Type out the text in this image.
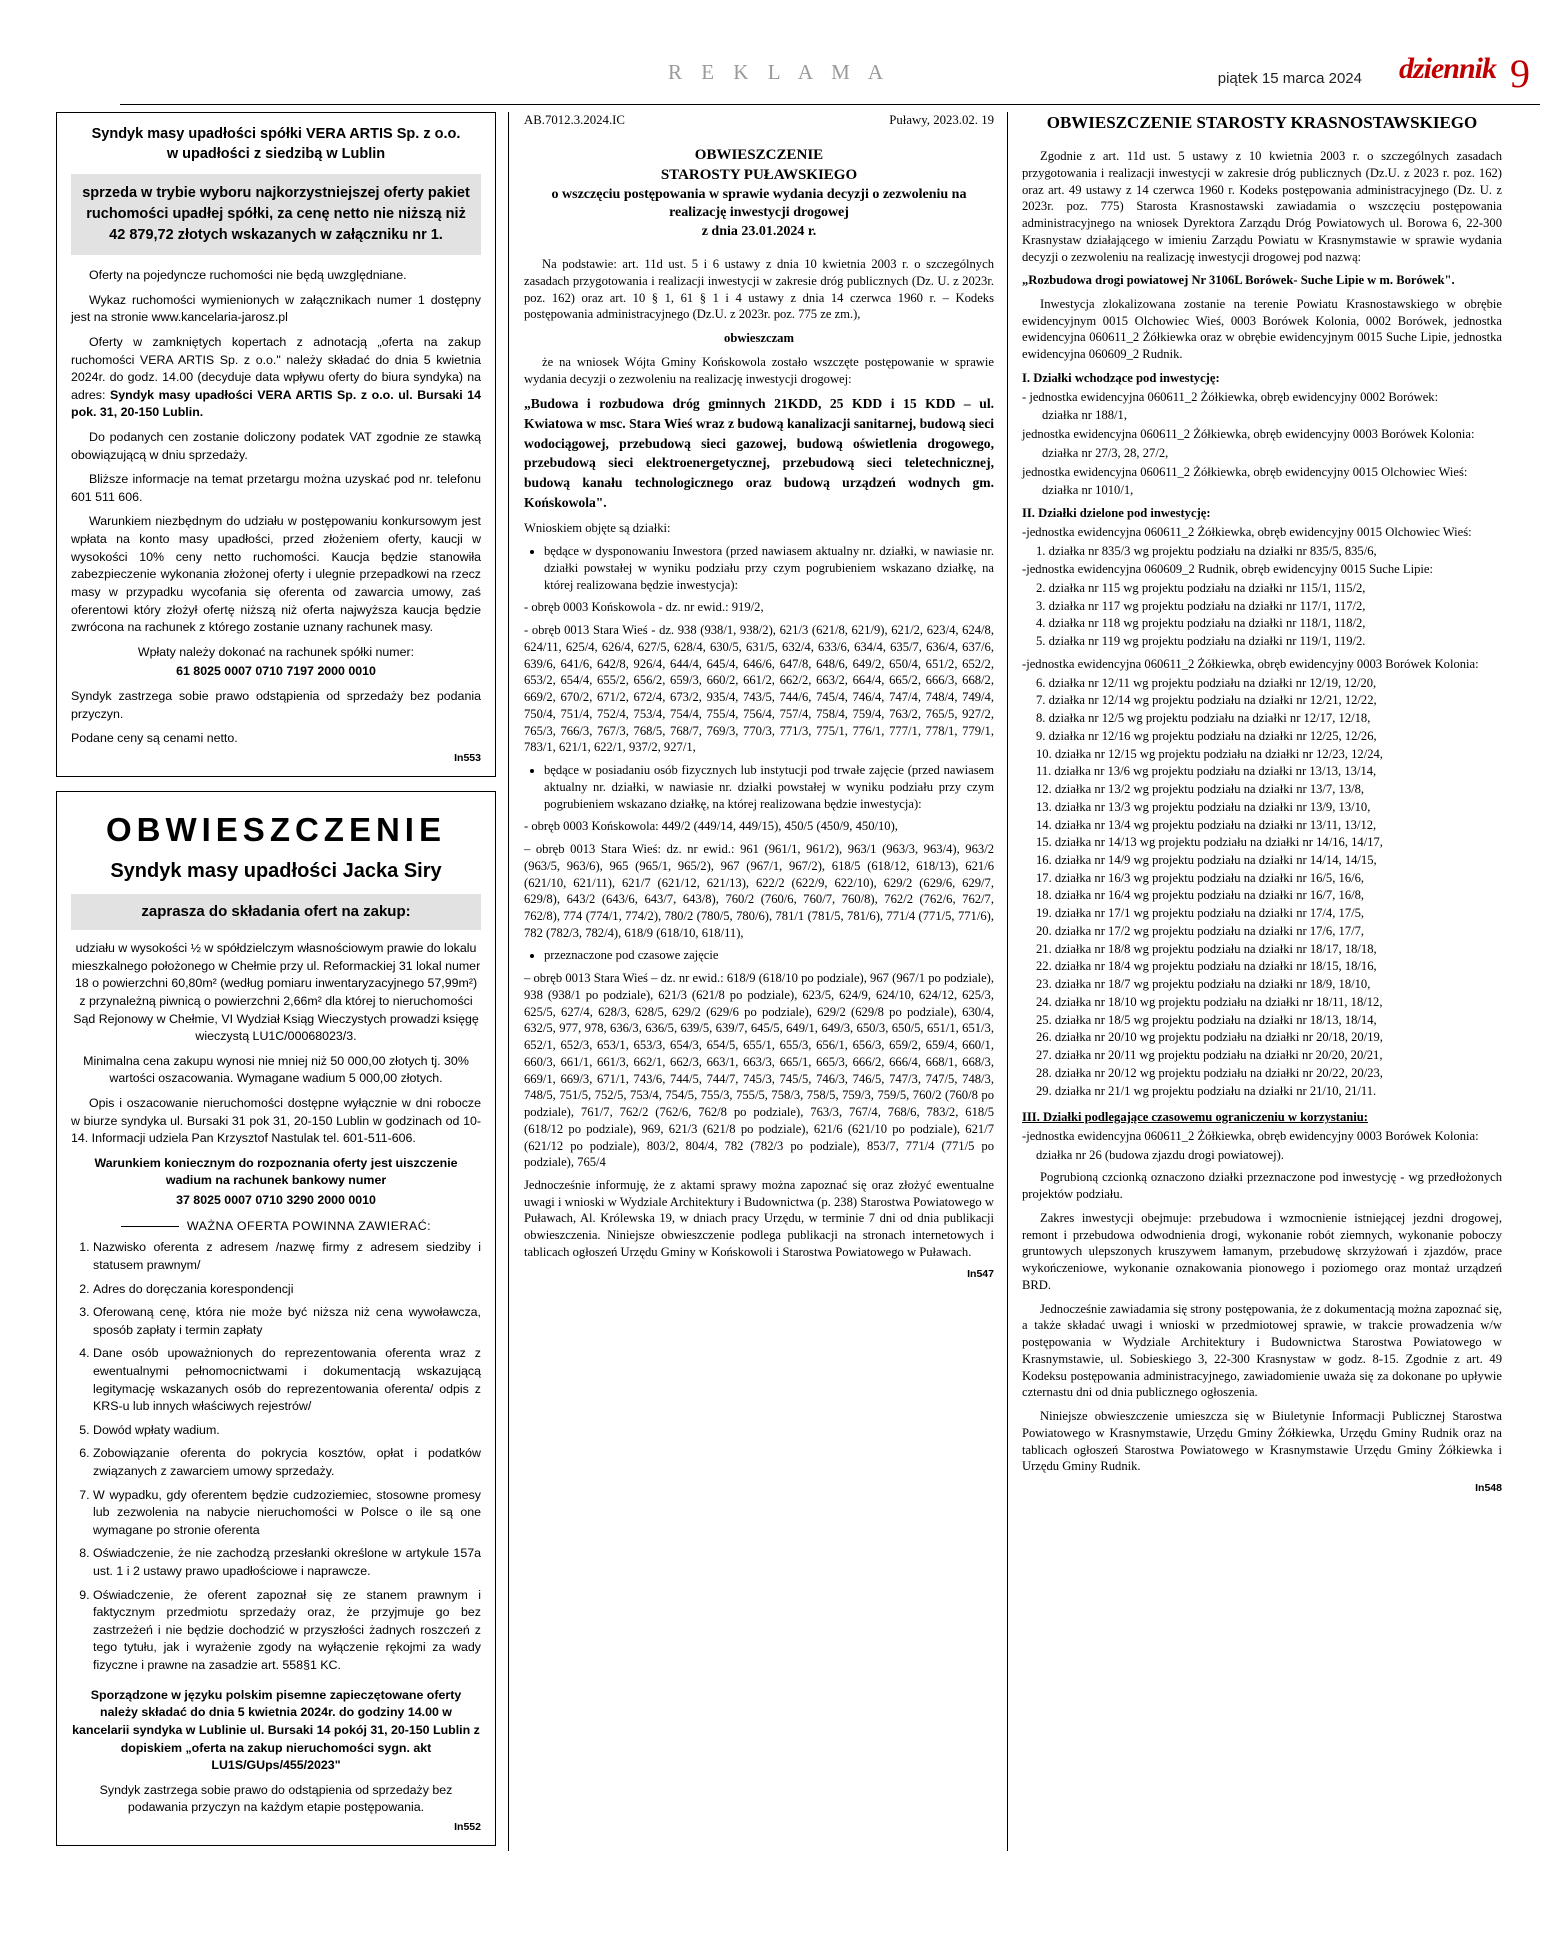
R E K L A M A	piątek 15 marca 2024 dziennik 9
Syndyk masy upadłości spółki VERA ARTIS Sp. z o.o.
w upadłości z siedzibą w Lublin
sprzeda w trybie wyboru najkorzystniejszej oferty pakiet ruchomości upadłej spółki, za cenę netto nie niższą niż 42 879,72 złotych wskazanych w załączniku nr 1.

Oferty na pojedyncze ruchomości nie będą uwzględniane.

Wykaz ruchomości wymienionych w załącznikach numer 1 dostępny jest na stronie www.kancelaria-jarosz.pl

Oferty w zamkniętych kopertach z adnotacją „oferta na zakup ruchomości VERA ARTIS Sp. z o.o." należy składać do dnia 5 kwietnia 2024r. do godz. 14.00 (decyduje data wpływu oferty do biura syndyka) na adres: Syndyk masy upadłości VERA ARTIS Sp. z o.o. ul. Bursaki 14 pok. 31, 20-150 Lublin.

Do podanych cen zostanie doliczony podatek VAT zgodnie ze stawką obowiązującą w dniu sprzedaży.

Bliższe informacje na temat przetargu można uzyskać pod nr. telefonu 601 511 606.

Warunkiem niezbędnym do udziału w postępowaniu konkursowym jest wpłata na konto masy upadłości, przed złożeniem oferty, kaucji w wysokości 10% ceny netto ruchomości. Kaucja będzie stanowiła zabezpieczenie wykonania złożonej oferty i ulegnie przepadkowi na rzecz masy w przypadku wycofania się oferenta od zawarcia umowy, zaś oferentowi który złożył ofertę niższą niż oferta najwyższa kaucja będzie zwrócona na rachunek z którego zostanie uznany rachunek masy.

Wpłaty należy dokonać na rachunek spółki numer:

61 8025 0007 0710 7197 2000 0010

Syndyk zastrzega sobie prawo odstąpienia od sprzedaży bez podania przyczyn.

Podane ceny są cenami netto.

In553
OBWIESZCZENIE
Syndyk masy upadłości Jacka Siry
zaprasza do składania ofert na zakup:

udziału w wysokości ½ w spółdzielczym własnościowym prawie do lokalu mieszkalnego położonego w Chełmie przy ul. Reformackiej 31 lokal numer 18 o powierzchni 60,80m² (według pomiaru inwentaryzacyjnego 57,99m²) z przynależną piwnicą o powierzchni 2,66m² dla której to nieruchomości Sąd Rejonowy w Chełmie, VI Wydział Ksiąg Wieczystych prowadzi księgę wieczystą LU1C/00068023/3.

Minimalna cena zakupu wynosi nie mniej niż 50 000,00 złotych tj. 30% wartości oszacowania. Wymagane wadium 5 000,00 złotych.

Opis i oszacowanie nieruchomości dostępne wyłącznie w dni robocze w biurze syndyka ul. Bursaki 31 pok 31, 20-150 Lublin w godzinach od 10-14. Informacji udziela Pan Krzysztof Nastulak tel. 601-511-606.

Warunkiem koniecznym do rozpoznania oferty jest uiszczenie wadium na rachunek bankowy numer

37 8025 0007 0710 3290 2000 0010

WAŻNA OFERTA POWINNA ZAWIERAĆ:
1. Nazwisko oferenta z adresem /nazwę firmy z adresem siedziby i statusem prawnym/
2. Adres do doręczania korespondencji
3. Oferowaną cenę, która nie może być niższa niż cena wywoławcza, sposób zapłaty i termin zapłaty
4. Dane osób upoważnionych do reprezentowania oferenta wraz z ewentualnymi pełnomocnictwami i dokumentacją wskazującą legitymację wskazanych osób do reprezentowania oferenta/ odpis z KRS-u lub innych właściwych rejestrów/
5. Dowód wpłaty wadium.
6. Zobowiązanie oferenta do pokrycia kosztów, opłat i podatków związanych z zawarciem umowy sprzedaży.
7. W wypadku, gdy oferentem będzie cudzoziemiec, stosowne promesy lub zezwolenia na nabycie nieruchomości w Polsce o ile są one wymagane po stronie oferenta
8. Oświadczenie, że nie zachodzą przesłanki określone w artykule 157a ust. 1 i 2 ustawy prawo upadłościowe i naprawcze.
9. Oświadczenie, że oferent zapoznał się ze stanem prawnym i faktycznym przedmiotu sprzedaży oraz, że przyjmuje go bez zastrzeżeń i nie będzie dochodzić w przyszłości żadnych roszczeń z tego tytułu, jak i wyrażenie zgody na wyłączenie rękojmi za wady fizyczne i prawne na zasadzie art. 558§1 KC.

Sporządzone w języku polskim pisemne zapieczętowane oferty należy składać do dnia 5 kwietnia 2024r. do godziny 14.00 w kancelarii syndyka w Lublinie ul. Bursaki 14 pokój 31, 20-150 Lublin z dopiskiem „oferta na zakup nieruchomości sygn. akt LU1S/GUps/455/2023"

Syndyk zastrzega sobie prawo do odstąpienia od sprzedaży bez podawania przyczyn na każdym etapie postępowania.

In552
AB.7012.3.2024.IC	Puławy, 2023.02. 19
OBWIESZCZENIE
STAROSTY PUŁAWSKIEGO
o wszczęciu postępowania w sprawie wydania decyzji o zezwoleniu na
realizację inwestycji drogowej
z dnia 23.01.2024 r.

Na podstawie: art. 11d ust. 5 i 6 ustawy z dnia 10 kwietnia 2003 r. o szczególnych zasadach przygotowania i realizacji inwestycji w zakresie dróg publicznych (Dz. U. z 2023r. poz. 162) oraz art. 10 § 1, 61 § 1 i 4 ustawy z dnia 14 czerwca 1960 r. – Kodeks postępowania administracyjnego (Dz.U. z 2023r. poz. 775 ze zm.),

obwieszczam

że na wniosek Wójta Gminy Końskowola zostało wszczęte postępowanie w sprawie wydania decyzji o zezwoleniu na realizację inwestycji drogowej:

„Budowa i rozbudowa dróg gminnych 21KDD, 25 KDD i 15 KDD – ul. Kwiatowa w msc. Stara Wieś wraz z budową kanalizacji sanitarnej, budową sieci wodociągowej, przebudową sieci gazowej, budową oświetlenia drogowego, przebudową sieci elektroenergetycznej, przebudową sieci teletechnicznej, budową kanału technologicznego oraz budową urządzeń wodnych gm. Końskowola".

Wnioskiem objęte są działki:

• będące w dysponowaniu Inwestora (przed nawiasem aktualny nr. działki, w nawiasie nr. działki powstałej w wyniku podziału przy czym pogrubieniem wskazano działkę, na której realizowana będzie inwestycja):

- obręb 0003 Końskowola - dz. nr ewid.: 919/2,

- obręb 0013 Stara Wieś - dz. 938 (938/1, 938/2), 621/3 (621/8, 621/9), 621/2, 623/4, 624/8, 624/11, 625/4, 626/4, 627/5, 628/4, 630/5, 631/5, 632/4, 633/6, 634/4, 635/7, 636/4, 637/6, 639/6, 641/6, 642/8, 926/4, 644/4, 645/4, 646/6, 647/8, 648/6, 649/2, 650/4, 651/2, 652/2, 653/2, 654/4, 655/2, 656/2, 659/3, 660/2, 661/2, 662/2, 663/2, 664/4, 665/2, 666/3, 668/2, 669/2, 670/2, 671/2, 672/4, 673/2, 935/4, 743/5, 744/6, 745/4, 746/4, 747/4, 748/4, 749/4, 750/4, 751/4, 752/4, 753/4, 754/4, 755/4, 756/4, 757/4, 758/4, 759/4, 763/2, 765/5, 927/2, 765/3, 766/3, 767/3, 768/5, 768/7, 769/3, 770/3, 771/3, 775/1, 776/1, 777/1, 778/1, 779/1, 783/1, 621/1, 622/1, 937/2, 927/1,

• będące w posiadaniu osób fizycznych lub instytucji pod trwałe zajęcie (przed nawiasem aktualny nr. działki, w nawiasie nr. działki powstałej w wyniku podziału przy czym pogrubieniem wskazano działkę, na której realizowana będzie inwestycja):

- obręb 0003 Końskowola: 449/2 (449/14, 449/15), 450/5 (450/9, 450/10),

– obręb 0013 Stara Wieś: dz. nr ewid.: 961 (961/1, 961/2), 963/1 (963/3, 963/4), 963/2 (963/5, 963/6), 965 (965/1, 965/2), 967 (967/1, 967/2), 618/5 (618/12, 618/13), 621/6 (621/10, 621/11), 621/7 (621/12, 621/13), 622/2 (622/9, 622/10), 629/2 (629/6, 629/7, 629/8), 643/2 (643/6, 643/7, 643/8), 760/2 (760/6, 760/7, 760/8), 762/2 (762/6, 762/7, 762/8), 774 (774/1, 774/2), 780/2 (780/5, 780/6), 781/1 (781/5, 781/6), 771/4 (771/5, 771/6), 782 (782/3, 782/4), 618/9 (618/10, 618/11),

• przeznaczone pod czasowe zajęcie

– obręb 0013 Stara Wieś – dz. nr ewid.: 618/9 (618/10 po podziale), 967 (967/1 po podziale), 938 (938/1 po podziale), 621/3 (621/8 po podziale), 623/5, 624/9, 624/10, 624/12, 625/3, 625/5, 627/4, 628/3, 628/5, 629/2 (629/6 po podziale), 629/2 (629/8 po podziale), 630/4, 632/5, 977, 978, 636/3, 636/5, 639/5, 639/7, 645/5, 649/1, 649/3, 650/3, 650/5, 651/1, 651/3, 652/1, 652/3, 653/1, 653/3, 654/3, 654/5, 655/1, 655/3, 656/1, 656/3, 659/2, 659/4, 660/1, 660/3, 661/1, 661/3, 662/1, 662/3, 663/1, 663/3, 665/1, 665/3, 666/2, 666/4, 668/1, 668/3, 669/1, 669/3, 671/1, 743/6, 744/5, 744/7, 745/3, 745/5, 746/3, 746/5, 747/3, 747/5, 748/3, 748/5, 751/5, 752/5, 753/4, 754/5, 755/3, 755/5, 758/3, 758/5, 759/3, 759/5, 760/2 (760/8 po podziale), 761/7, 762/2 (762/6, 762/8 po podziale), 763/3, 767/4, 768/6, 783/2, 618/5 (618/12 po podziale), 969, 621/3 (621/8 po podziale), 621/6 (621/10 po podziale), 621/7 (621/12 po podziale), 803/2, 804/4, 782 (782/3 po podziale), 853/7, 771/4 (771/5 po podziale), 765/4

Jednocześnie informuję, że z aktami sprawy można zapoznać się oraz złożyć ewentualne uwagi i wnioski w Wydziale Architektury i Budownictwa (p. 238) Starostwa Powiatowego w Puławach, Al. Królewska 19, w dniach pracy Urzędu, w terminie 7 dni od dnia publikacji obwieszczenia. Niniejsze obwieszczenie podlega publikacji na stronach internetowych i tablicach ogłoszeń Urzędu Gminy w Końskowoli i Starostwa Powiatowego w Puławach.

In547
OBWIESZCZENIE STAROSTY KRASNOSTAWSKIEGO

Zgodnie z art. 11d ust. 5 ustawy z 10 kwietnia 2003 r. o szczególnych zasadach przygotowania i realizacji inwestycji w zakresie dróg publicznych (Dz.U. z 2023 r. poz. 162) oraz art. 49 ustawy z 14 czerwca 1960 r. Kodeks postępowania administracyjnego (Dz. U. z 2023r. poz. 775) Starosta Krasnostawski zawiadamia o wszczęciu postępowania administracyjnego na wniosek Dyrektora Zarządu Dróg Powiatowych ul. Borowa 6, 22-300 Krasnystaw działającego w imieniu Zarządu Powiatu w Krasnymstawie w sprawie wydania decyzji o zezwoleniu na realizację inwestycji drogowej pod nazwą:

„Rozbudowa drogi powiatowej Nr 3106L Borówek- Suche Lipie w m. Borówek".

Inwestycja zlokalizowana zostanie na terenie Powiatu Krasnostawskiego w obrębie ewidencyjnym 0015 Olchowiec Wieś, 0003 Borówek Kolonia, 0002 Borówek, jednostka ewidencyjna 060611_2 Żółkiewka oraz w obrębie ewidencyjnym 0015 Suche Lipie, jednostka ewidencyjna 060609_2 Rudnik.

I. Działki wchodzące pod inwestycję:

- jednostka ewidencyjna 060611_2 Żółkiewka, obręb ewidencyjny 0002 Borówek:

działka nr 188/1,

jednostka ewidencyjna 060611_2 Żółkiewka, obręb ewidencyjny 0003 Borówek Kolonia:

działka nr 27/3, 28, 27/2,

jednostka ewidencyjna 060611_2 Żółkiewka, obręb ewidencyjny 0015 Olchowiec Wieś:

działka nr 1010/1,

II. Działki dzielone pod inwestycję:

-jednostka ewidencyjna 060611_2 Żółkiewka, obręb ewidencyjny 0015 Olchowiec Wieś:

1. działka nr 835/3 wg projektu podziału na działki nr 835/5, 835/6,

-jednostka ewidencyjna 060609_2 Rudnik, obręb ewidencyjny 0015 Suche Lipie:

2. działka nr 115 wg projektu podziału na działki nr 115/1, 115/2,
3. działka nr 117 wg projektu podziału na działki nr 117/1, 117/2,
4. działka nr 118 wg projektu podziału na działki nr 118/1, 118/2,
5. działka nr 119 wg projektu podziału na działki nr 119/1, 119/2.

-jednostka ewidencyjna 060611_2 Żółkiewka, obręb ewidencyjny 0003 Borówek Kolonia:

6. działka nr 12/11 wg projektu podziału na działki nr 12/19, 12/20,
7. działka nr 12/14 wg projektu podziału na działki nr 12/21, 12/22,
8. działka nr 12/5 wg projektu podziału na działki nr 12/17, 12/18,
9. działka nr 12/16 wg projektu podziału na działki nr 12/25, 12/26,
10. działka nr 12/15 wg projektu podziału na działki nr 12/23, 12/24,
11. działka nr 13/6 wg projektu podziału na działki nr 13/13, 13/14,
12. działka nr 13/2 wg projektu podziału na działki nr 13/7, 13/8,
13. działka nr 13/3 wg projektu podziału na działki nr 13/9, 13/10,
14. działka nr 13/4 wg projektu podziału na działki nr 13/11, 13/12,
15. działka nr 14/13 wg projektu podziału na działki nr 14/16, 14/17,
16. działka nr 14/9 wg projektu podziału na działki nr 14/14, 14/15,
17. działka nr 16/3 wg projektu podziału na działki nr 16/5, 16/6,
18. działka nr 16/4 wg projektu podziału na działki nr 16/7, 16/8,
19. działka nr 17/1 wg projektu podziału na działki nr 17/4, 17/5,
20. działka nr 17/2 wg projektu podziału na działki nr 17/6, 17/7,
21. działka nr 18/8 wg projektu podziału na działki nr 18/17, 18/18,
22. działka nr 18/4 wg projektu podziału na działki nr 18/15, 18/16,
23. działka nr 18/7 wg projektu podziału na działki nr 18/9, 18/10,
24. działka nr 18/10 wg projektu podziału na działki nr 18/11, 18/12,
25. działka nr 18/5 wg projektu podziału na działki nr 18/13, 18/14,
26. działka nr 20/10 wg projektu podziału na działki nr 20/18, 20/19,
27. działka nr 20/11 wg projektu podziału na działki nr 20/20, 20/21,
28. działka nr 20/12 wg projektu podziału na działki nr 20/22, 20/23,
29. działka nr 21/1 wg projektu podziału na działki nr 21/10, 21/11.

III. Działki podlegające czasowemu ograniczeniu w korzystaniu:

-jednostka ewidencyjna 060611_2 Żółkiewka, obręb ewidencyjny 0003 Borówek Kolonia:

działka nr 26 (budowa zjazdu drogi powiatowej).

Pogrubioną czcionką oznaczono działki przeznaczone pod inwestycję - wg przedłożonych projektów podziału.

Zakres inwestycji obejmuje: przebudowa i wzmocnienie istniejącej jezdni drogowej, remont i przebudowa odwodnienia drogi, wykonanie robót ziemnych, wykonanie poboczy gruntowych ulepszonych kruszywem łamanym, przebudowę skrzyżowań i zjazdów, prace wykończeniowe, wykonanie oznakowania pionowego i poziomego oraz montaż urządzeń BRD.

Jednocześnie zawiadamia się strony postępowania, że z dokumentacją można zapoznać się, a także składać uwagi i wnioski w przedmiotowej sprawie, w trakcie prowadzenia w/w postępowania w Wydziale Architektury i Budownictwa Starostwa Powiatowego w Krasnymstawie, ul. Sobieskiego 3, 22-300 Krasnystaw w godz. 8-15. Zgodnie z art. 49 Kodeksu postępowania administracyjnego, zawiadomienie uważa się za dokonane po upływie czternastu dni od dnia publicznego ogłoszenia.

Niniejsze obwieszczenie umieszcza się w Biuletynie Informacji Publicznej Starostwa Powiatowego w Krasnymstawie, Urzędu Gminy Żółkiewka, Urzędu Gminy Rudnik oraz na tablicach ogłoszeń Starostwa Powiatowego w Krasnymstawie Urzędu Gminy Żółkiewka i Urzędu Gminy Rudnik.

In548
